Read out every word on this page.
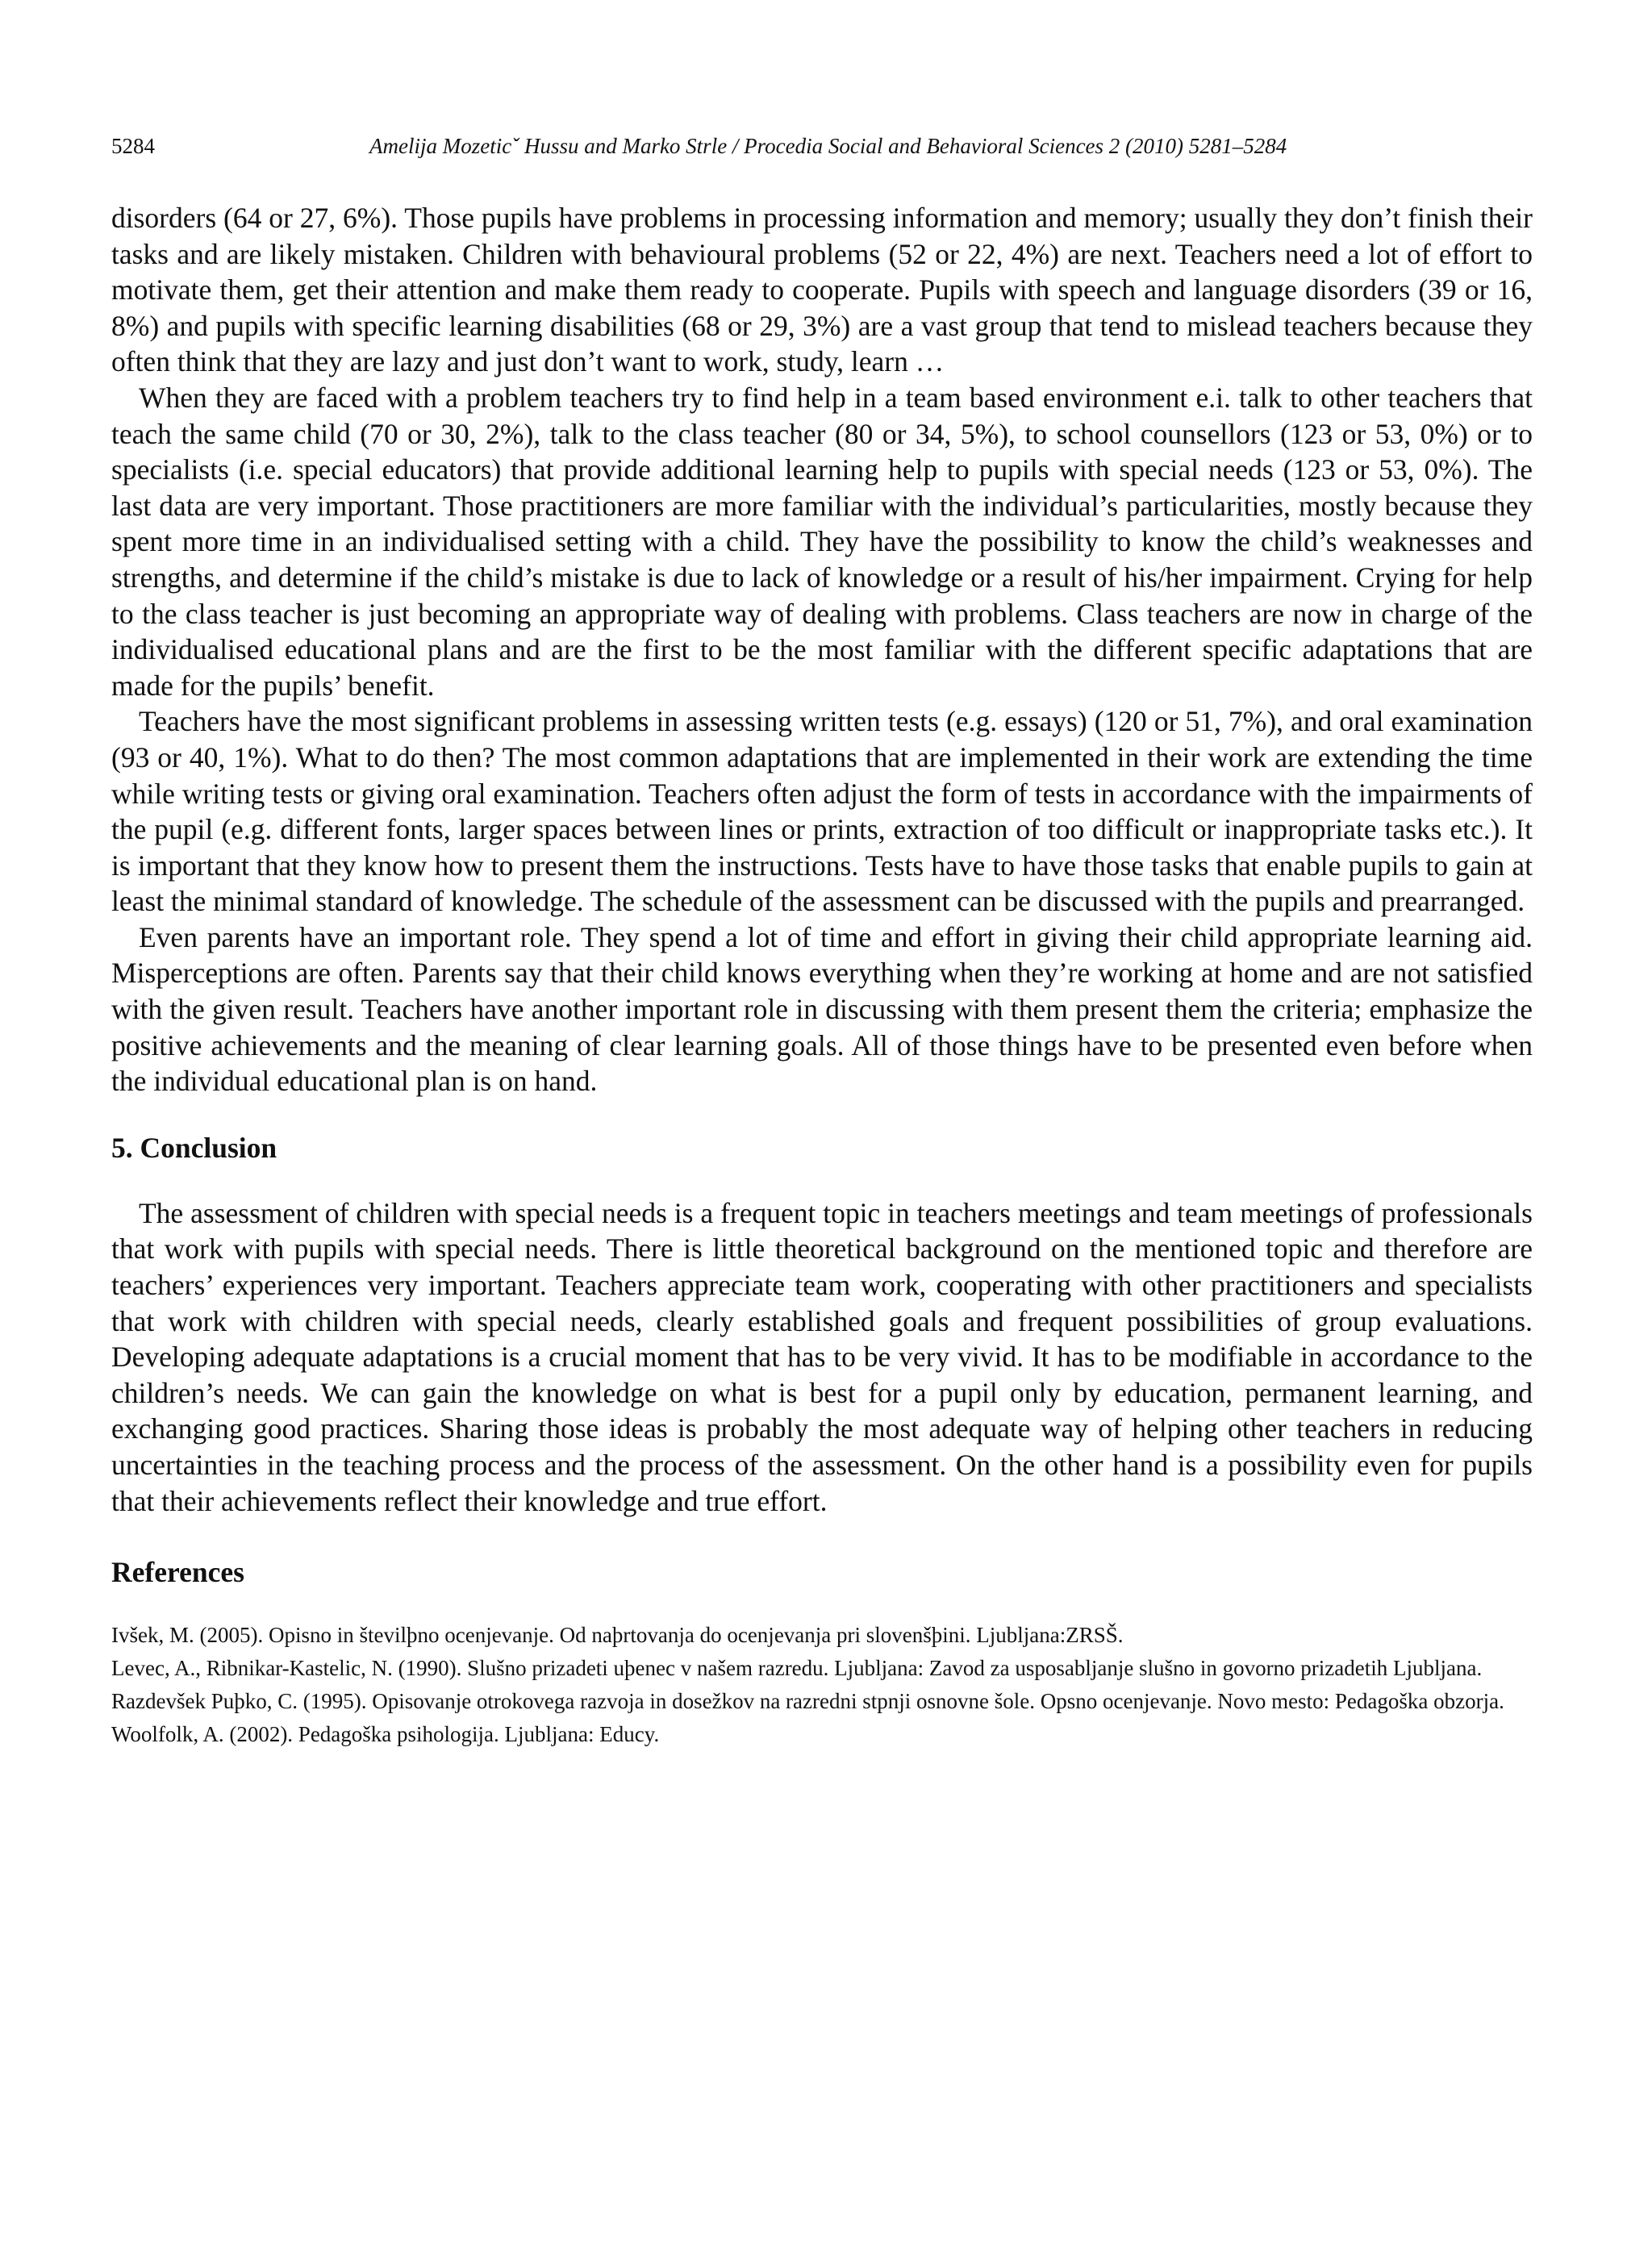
5284	Amelija Mozeticˇ Hussu and Marko Strle / Procedia Social and Behavioral Sciences 2 (2010) 5281–5284

disorders (64 or 27, 6%). Those pupils have problems in processing information and memory; usually they don’t finish their tasks and are likely mistaken. Children with behavioural problems (52 or 22, 4%) are next. Teachers need a lot of effort to motivate them, get their attention and make them ready to cooperate. Pupils with speech and language disorders (39 or 16, 8%) and pupils with specific learning disabilities (68 or 29, 3%) are a vast group that tend to mislead teachers because they often think that they are lazy and just don’t want to work, study, learn …

When they are faced with a problem teachers try to find help in a team based environment e.i. talk to other teachers that teach the same child (70 or 30, 2%), talk to the class teacher (80 or 34, 5%), to school counsellors (123 or 53, 0%) or to specialists (i.e. special educators) that provide additional learning help to pupils with special needs (123 or 53, 0%). The last data are very important. Those practitioners are more familiar with the individual’s particularities, mostly because they spent more time in an individualised setting with a child. They have the possibility to know the child’s weaknesses and strengths, and determine if the child’s mistake is due to lack of knowledge or a result of his/her impairment. Crying for help to the class teacher is just becoming an appropriate way of dealing with problems. Class teachers are now in charge of the individualised educational plans and are the first to be the most familiar with the different specific adaptations that are made for the pupils’ benefit.

Teachers have the most significant problems in assessing written tests (e.g. essays) (120 or 51, 7%), and oral examination (93 or 40, 1%). What to do then? The most common adaptations that are implemented in their work are extending the time while writing tests or giving oral examination. Teachers often adjust the form of tests in accordance with the impairments of the pupil (e.g. different fonts, larger spaces between lines or prints, extraction of too difficult or inappropriate tasks etc.). It is important that they know how to present them the instructions. Tests have to have those tasks that enable pupils to gain at least the minimal standard of knowledge. The schedule of the assessment can be discussed with the pupils and prearranged.

Even parents have an important role. They spend a lot of time and effort in giving their child appropriate learning aid. Misperceptions are often. Parents say that their child knows everything when they’re working at home and are not satisfied with the given result. Teachers have another important role in discussing with them present them the criteria; emphasize the positive achievements and the meaning of clear learning goals. All of those things have to be presented even before when the individual educational plan is on hand.

5. Conclusion

The assessment of children with special needs is a frequent topic in teachers meetings and team meetings of professionals that work with pupils with special needs. There is little theoretical background on the mentioned topic and therefore are teachers’ experiences very important. Teachers appreciate team work, cooperating with other practitioners and specialists that work with children with special needs, clearly established goals and frequent possibilities of group evaluations. Developing adequate adaptations is a crucial moment that has to be very vivid. It has to be modifiable in accordance to the children’s needs. We can gain the knowledge on what is best for a pupil only by education, permanent learning, and exchanging good practices. Sharing those ideas is probably the most adequate way of helping other teachers in reducing uncertainties in the teaching process and the process of the assessment. On the other hand is a possibility even for pupils that their achievements reflect their knowledge and true effort.

References
Ivšek, M. (2005). Opisno in številþno ocenjevanje. Od naþrtovanja do ocenjevanja pri slovenšþini. Ljubljana:ZRSŠ.
Levec, A., Ribnikar-Kastelic, N. (1990). Slušno prizadeti uþenec v našem razredu. Ljubljana: Zavod za usposabljanje slušno in govorno prizadetih Ljubljana.
Razdevšek Puþko, C. (1995). Opisovanje otrokovega razvoja in dosežkov na razredni stpnji osnovne šole. Opsno ocenjevanje. Novo mesto: Pedagoška obzorja.
Woolfolk, A. (2002). Pedagoška psihologija. Ljubljana: Educy.
